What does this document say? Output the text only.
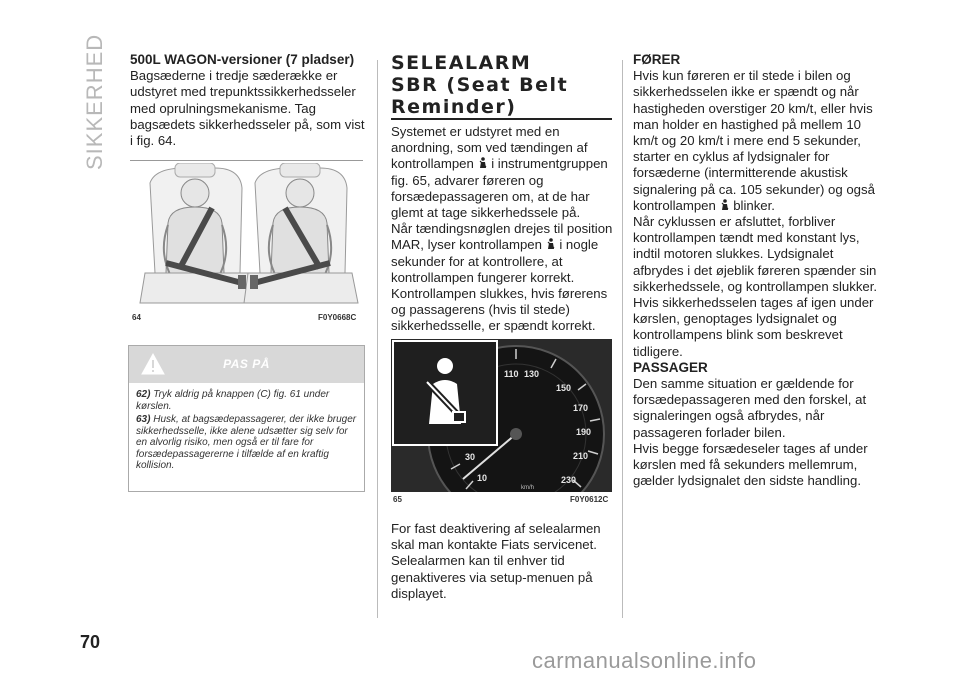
SIKKERHED 500L WAGON-versioner (7 pladser)

Bagsæderne i tredje sæderække er udstyret med trepunktssikkerhedsseler med oprulningsmekanisme. Tag bagsædets sikkerhedsseler på, som vist i fig. 64.

64	F0Y0668C
PAS PÅ

62) Tryk aldrig på knappen (C) fig. 61 under kørslen.

63) Husk, at bagsædepassagerer, der ikke bruger sikkerhedsselle, ikke alene udsætter sig selv for en alvorlig risiko, men også er til fare for forsædepassagererne i tilfælde af en kraftig kollision.

SELEALARM
SBR (Seat Belt
Reminder)

Systemet er udstyret med en anordning, som ved tændingen af kontrollampen i instrumentgruppen fig. 65, advarer føreren og forsædepassageren om, at de har glemt at tage sikkerhedssele på.

Når tændingsnøglen drejes til position MAR, lyser kontrollampen i nogle sekunder for at kontrollere, at kontrollampen fungerer korrekt.

Kontrollampen slukkes, hvis førerens og passagerens (hvis til stede) sikkerhedsselle, er spændt korrekt.

110 130
150
170
190
210
230
30
10
km/h
65	F0Y0612C

For fast deaktivering af selealarmen skal man kontakte Fiats servicenet. Selealarmen kan til enhver tid genaktiveres via setup-menuen på displayet.

FØRER

Hvis kun føreren er til stede i bilen og sikkerhedsselen ikke er spændt og når hastigheden overstiger 20 km/t, eller hvis man holder en hastighed på mellem 10 km/t og 20 km/t i mere end 5 sekunder, starter en cyklus af lydsignaler for forsæderne (intermitterende akustisk signalering på ca. 105 sekunder) og også kontrollampen blinker.

Når cyklussen er afsluttet, forbliver kontrollampen tændt med konstant lys, indtil motoren slukkes. Lydsignalet afbrydes i det øjeblik føreren spænder sin sikkerhedssele, og kontrollampen slukker.

Hvis sikkerhedsselen tages af igen under kørslen, genoptages lydsignalet og kontrollampens blink som beskrevet tidligere.

PASSAGER

Den samme situation er gældende for forsædepassageren med den forskel, at signaleringen også afbrydes, når passageren forlader bilen.

Hvis begge forsædeseler tages af under kørslen med få sekunders mellemrum, gælder lydsignalet den sidste handling.

70
carmanualsonline.info
